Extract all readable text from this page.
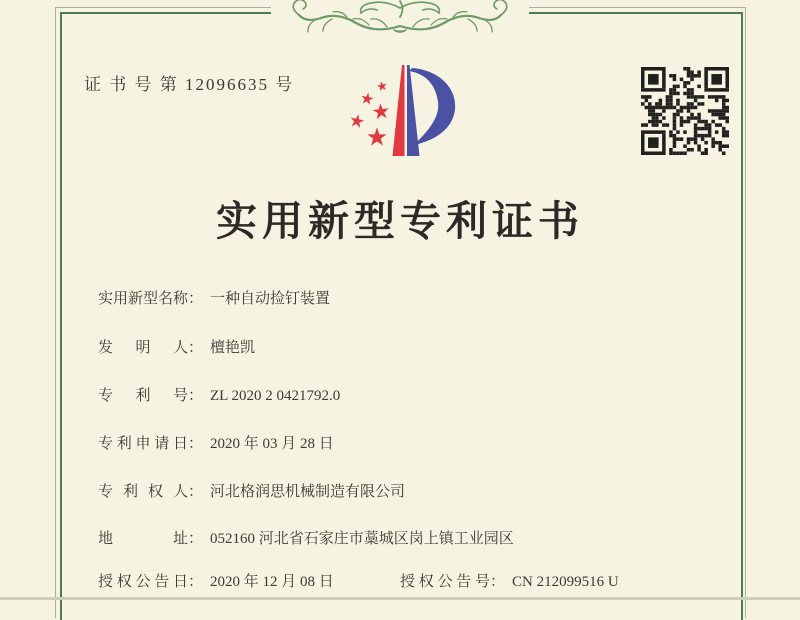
证 书 号 第 12096635 号	★
★
★
★
★
实用新型专利证书
实用新型名称： 一种自动捡钉装置
发明人： 檀艳凯
专利号： ZL 2020 2 0421792.0
专利申请日： 2020 年 03 月 28 日
专利权人： 河北格润思机械制造有限公司
地址： 052160 河北省石家庄市藁城区岗上镇工业园区
授权公告日： 2020 年 12 月 08 日	授权公告号： CN 212099516 U
